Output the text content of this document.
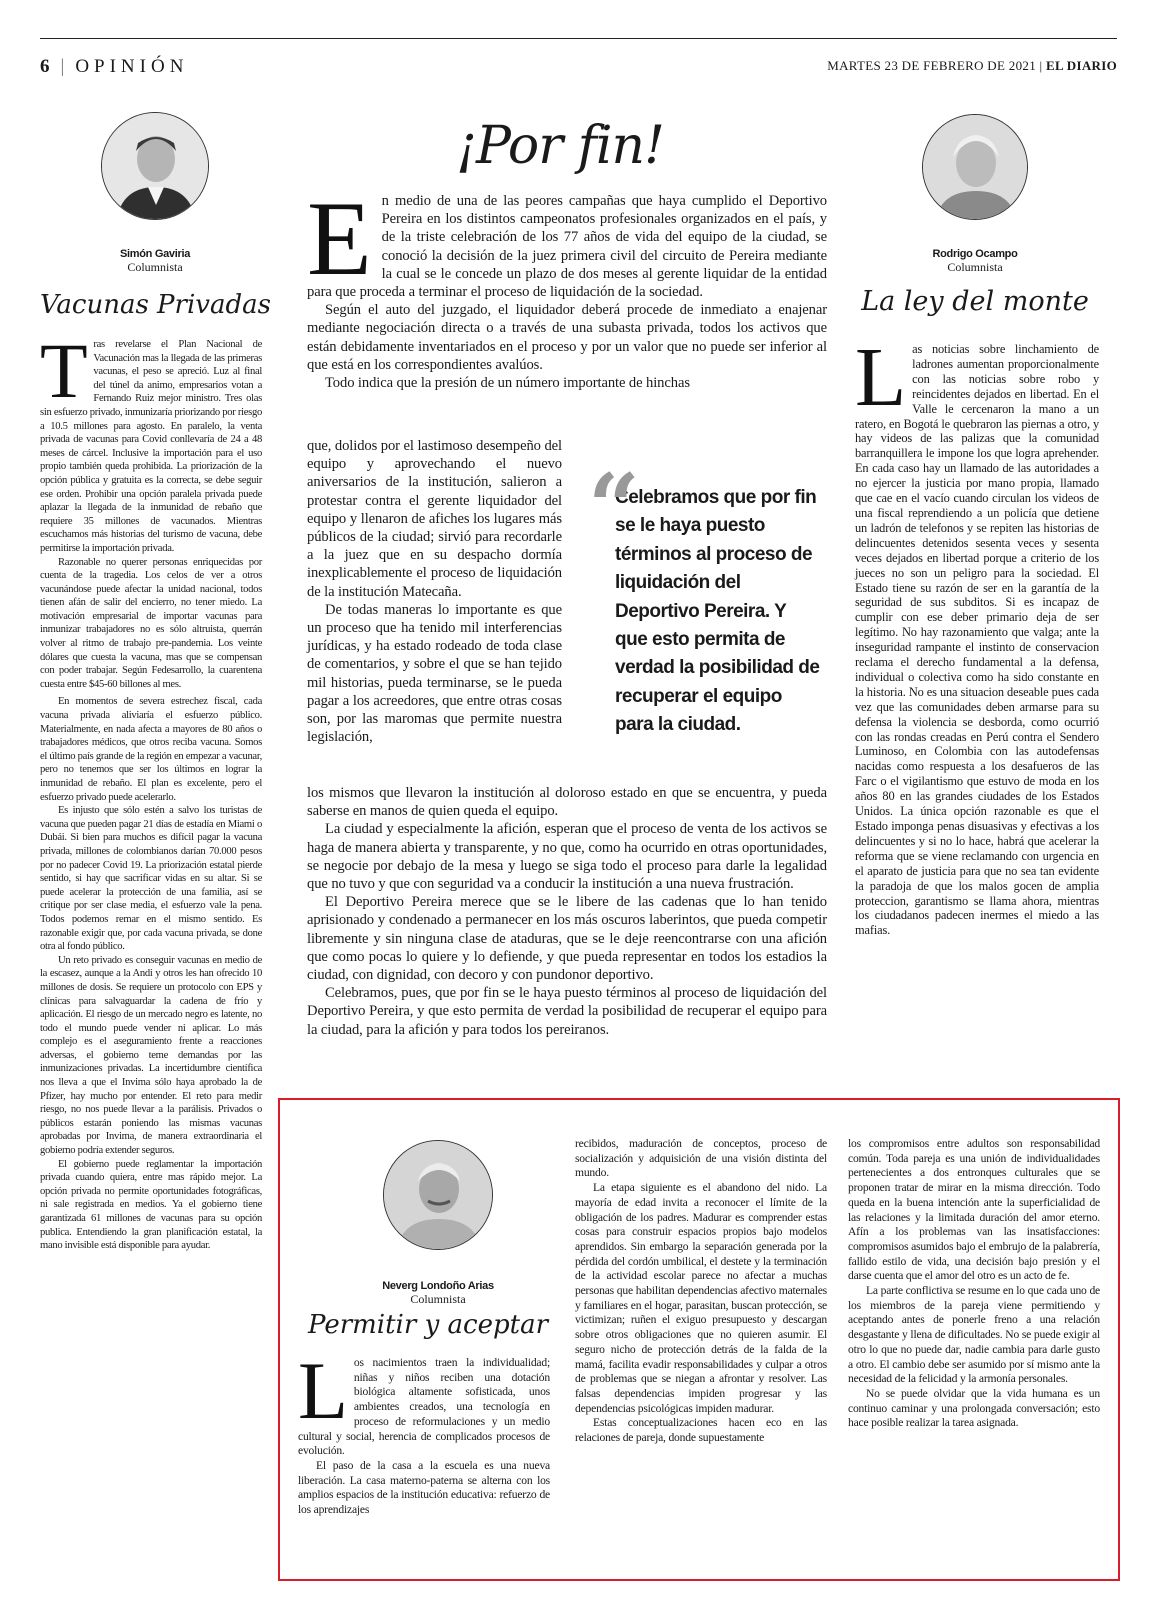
6 | OPINIÓN	MARTES 23 DE FEBRERO DE 2021 | EL DIARIO
Simón Gaviria
Columnista
Vacunas Privadas
T ras revelarse el Plan Nacional de Vacunación mas la llegada de las primeras vacunas, el peso se apreció. Luz al final del túnel da animo, empresarios votan a Fernando Ruiz mejor ministro. Tres olas sin esfuerzo privado, inmunizaría priorizando por riesgo a 10.5 millones para agosto. En paralelo, la venta privada de vacunas para Covid conllevaría de 24 a 48 meses de cárcel. Inclusive la importación para el uso propio también queda prohibida. La priorización de la opción pública y gratuita es la correcta, se debe seguir ese orden. Prohibir una opción paralela privada puede aplazar la llegada de la inmunidad de rebaño que requiere 35 millones de vacunados. Mientras escuchamos más historias del turismo de vacuna, debe permitirse la importación privada.

Razonable no querer personas enriquecidas por cuenta de la tragedia. Los celos de ver a otros vacunándose puede afectar la unidad nacional, todos tienen afán de salir del encierro, no tener miedo. La motivación empresarial de importar vacunas para inmunizar trabajadores no es sólo altruista, querrán volver al ritmo de trabajo pre-pandemia. Los veinte dólares que cuesta la vacuna, mas que se compensan con poder trabajar. Según Fedesarrollo, la cuarentena cuesta entre $45-60 billones al mes.

En momentos de severa estrechez fiscal, cada vacuna privada aliviaría el esfuerzo público. Materialmente, en nada afecta a mayores de 80 años o trabajadores médicos, que otros reciba vacuna. Somos el último país grande de la región en empezar a vacunar, pero no tenemos que ser los últimos en lograr la inmunidad de rebaño. El plan es excelente, pero el esfuerzo privado puede acelerarlo.

Es injusto que sólo estén a salvo los turistas de vacuna que pueden pagar 21 días de estadía en Miami o Dubái. Si bien para muchos es difícil pagar la vacuna privada, millones de colombianos darían 70.000 pesos por no padecer Covid 19. La priorización estatal pierde sentido, si hay que sacrificar vidas en su altar. Si se puede acelerar la protección de una familia, así se critique por ser clase media, el esfuerzo vale la pena. Todos podemos remar en el mismo sentido. Es razonable exigir que, por cada vacuna privada, se done otra al fondo público.

Un reto privado es conseguir vacunas en medio de la escasez, aunque a la Andi y otros les han ofrecido 10 millones de dosis. Se requiere un protocolo con EPS y clínicas para salvaguardar la cadena de frío y aplicación. El riesgo de un mercado negro es latente, no todo el mundo puede vender ni aplicar. Lo más complejo es el aseguramiento frente a reacciones adversas, el gobierno teme demandas por las inmunizaciones privadas. La incertidumbre científica nos lleva a que el Invima sólo haya aprobado la de Pfizer, hay mucho por entender. El reto para medir riesgo, no nos puede llevar a la parálisis. Privados o públicos estarán poniendo las mismas vacunas aprobadas por Invima, de manera extraordinaria el gobierno podría extender seguros.

El gobierno puede reglamentar la importación privada cuando quiera, entre mas rápido mejor. La opción privada no permite oportunidades fotográficas, ni sale registrada en medios. Ya el gobierno tiene garantizada 61 millones de vacunas para su opción publica. Entendiendo la gran planificación estatal, la mano invisible está disponible para ayudar.

¡Por fin!
E n medio de una de las peores campañas que haya cumplido el Deportivo Pereira en los distintos campeonatos profesionales organizados en el país, y de la triste celebración de los 77 años de vida del equipo de la ciudad, se conoció la decisión de la juez primera civil del circuito de Pereira mediante la cual se le concede un plazo de dos meses al gerente liquidar de la entidad para que proceda a terminar el proceso de liquidación de la sociedad.

Según el auto del juzgado, el liquidador deberá procede de inmediato a enajenar mediante negociación directa o a través de una subasta privada, todos los activos que están debidamente inventariados en el proceso y por un valor que no puede ser inferior al que está en los correspondientes avalúos.

Todo indica que la presión de un número importante de hinchas

que, dolidos por el lastimoso desempeño del equipo y aprovechando el nuevo aniversarios de la institución, salieron a protestar contra el gerente liquidador del equipo y llenaron de afiches los lugares más públicos de la ciudad; sirvió para recordarle a la juez que en su despacho dormía inexplicablemente el proceso de liquidación de la institución Matecaña.

De todas maneras lo importante es que un proceso que ha tenido mil interferencias jurídicas, y ha estado rodeado de toda clase de comentarios, y sobre el que se han tejido mil historias, pueda terminarse, se le pueda pagar a los acreedores, que entre otras cosas son, por las maromas que permite nuestra legislación,

los mismos que llevaron la institución al doloroso estado en que se encuentra, y pueda saberse en manos de quien queda el equipo.

La ciudad y especialmente la afición, esperan que el proceso de venta de los activos se haga de manera abierta y transparente, y no que, como ha ocurrido en otras oportunidades, se negocie por debajo de la mesa y luego se siga todo el proceso para darle la legalidad que no tuvo y que con seguridad va a conducir la institución a una nueva frustración.

El Deportivo Pereira merece que se le libere de las cadenas que lo han tenido aprisionado y condenado a permanecer en los más oscuros laberintos, que pueda competir libremente y sin ninguna clase de ataduras, que se le deje reencontrarse con una afición que como pocas lo quiere y lo defiende, y que pueda representar en todos los estadios la ciudad, con dignidad, con decoro y con pundonor deportivo.

Celebramos, pues, que por fin se le haya puesto términos al proceso de liquidación del Deportivo Pereira, y que esto permita de verdad la posibilidad de recuperar el equipo para la ciudad, para la afición y para todos los pereiranos.

“
Celebramos que por fin se le haya puesto términos al proceso de liquidación del Deportivo Pereira. Y que esto permita de verdad la posibilidad de recuperar el equipo para la ciudad.
Rodrigo Ocampo
Columnista
La ley del monte
L as noticias sobre linchamiento de ladrones aumentan proporcionalmente con las noticias sobre robo y reincidentes dejados en libertad. En el Valle le cercenaron la mano a un ratero, en Bogotá le quebraron las piernas a otro, y hay videos de las palizas que la comunidad barranquillera le impone los que logra aprehender. En cada caso hay un llamado de las autoridades a no ejercer la justicia por mano propia, llamado que cae en el vacío cuando circulan los videos de una fiscal reprendiendo a un policía que detiene un ladrón de telefonos y se repiten las historias de delincuentes detenidos sesenta veces y sesenta veces dejados en libertad porque a criterio de los jueces no son un peligro para la sociedad. El Estado tiene su razón de ser en la garantía de la seguridad de sus subditos. Si es incapaz de cumplir con ese deber primario deja de ser legítimo. No hay razonamiento que valga; ante la inseguridad rampante el instinto de conservacion reclama el derecho fundamental a la defensa, individual o colectiva como ha sido constante en la historia. No es una situacion deseable pues cada vez que las comunidades deben armarse para su defensa la violencia se desborda, como ocurrió con las rondas creadas en Perú contra el Sendero Luminoso, en Colombia con las autodefensas nacidas como respuesta a los desafueros de las Farc o el vigilantismo que estuvo de moda en los años 80 en las grandes ciudades de los Estados Unidos. La única opción razonable es que el Estado imponga penas disuasivas y efectivas a los delincuentes y si no lo hace, habrá que acelerar la reforma que se viene reclamando con urgencia en el aparato de justicia para que no sea tan evidente la paradoja de que los malos gocen de amplia proteccion, garantismo se llama ahora, mientras los ciudadanos padecen inermes el miedo a las mafias.

Neverg Londoño Arias
Columnista
Permitir y aceptar
L os nacimientos traen la individualidad; niñas y niños reciben una dotación biológica altamente sofisticada, unos ambientes creados, una tecnología en proceso de reformulaciones y un medio cultural y social, herencia de complicados procesos de evolución.

El paso de la casa a la escuela es una nueva liberación. La casa materno-paterna se alterna con los amplios espacios de la institución educativa: refuerzo de los aprendizajes

recibidos, maduración de conceptos, proceso de socialización y adquisición de una visión distinta del mundo.

La etapa siguiente es el abandono del nido. La mayoría de edad invita a reconocer el límite de la obligación de los padres. Madurar es comprender estas cosas para construir espacios propios bajo modelos aprendidos. Sin embargo la separación generada por la pérdida del cordón umbilical, el destete y la terminación de la actividad escolar parece no afectar a muchas personas que habilitan dependencias afectivo maternales y familiares en el hogar, parasitan, buscan protección, se victimizan; ruñen el exiguo presupuesto y descargan sobre otros obligaciones que no quieren asumir. El seguro nicho de protección detrás de la falda de la mamá, facilita evadir responsabilidades y culpar a otros de problemas que se niegan a afrontar y resolver. Las falsas dependencias impiden progresar y las dependencias psicológicas impiden madurar.

Estas conceptualizaciones hacen eco en las relaciones de pareja, donde supuestamente

los compromisos entre adultos son responsabilidad común. Toda pareja es una unión de individualidades pertenecientes a dos entronques culturales que se proponen tratar de mirar en la misma dirección. Todo queda en la buena intención ante la superficialidad de las relaciones y la limitada duración del amor eterno. Afín a los problemas van las insatisfacciones: compromisos asumidos bajo el embrujo de la palabrería, fallido estilo de vida, una decisión bajo presión y el darse cuenta que el amor del otro es un acto de fe.

La parte conflictiva se resume en lo que cada uno de los miembros de la pareja viene permitiendo y aceptando antes de ponerle freno a una relación desgastante y llena de dificultades. No se puede exigir al otro lo que no puede dar, nadie cambia para darle gusto a otro. El cambio debe ser asumido por sí mismo ante la necesidad de la felicidad y la armonía personales.

No se puede olvidar que la vida humana es un continuo caminar y una prolongada conversación; esto hace posible realizar la tarea asignada.
